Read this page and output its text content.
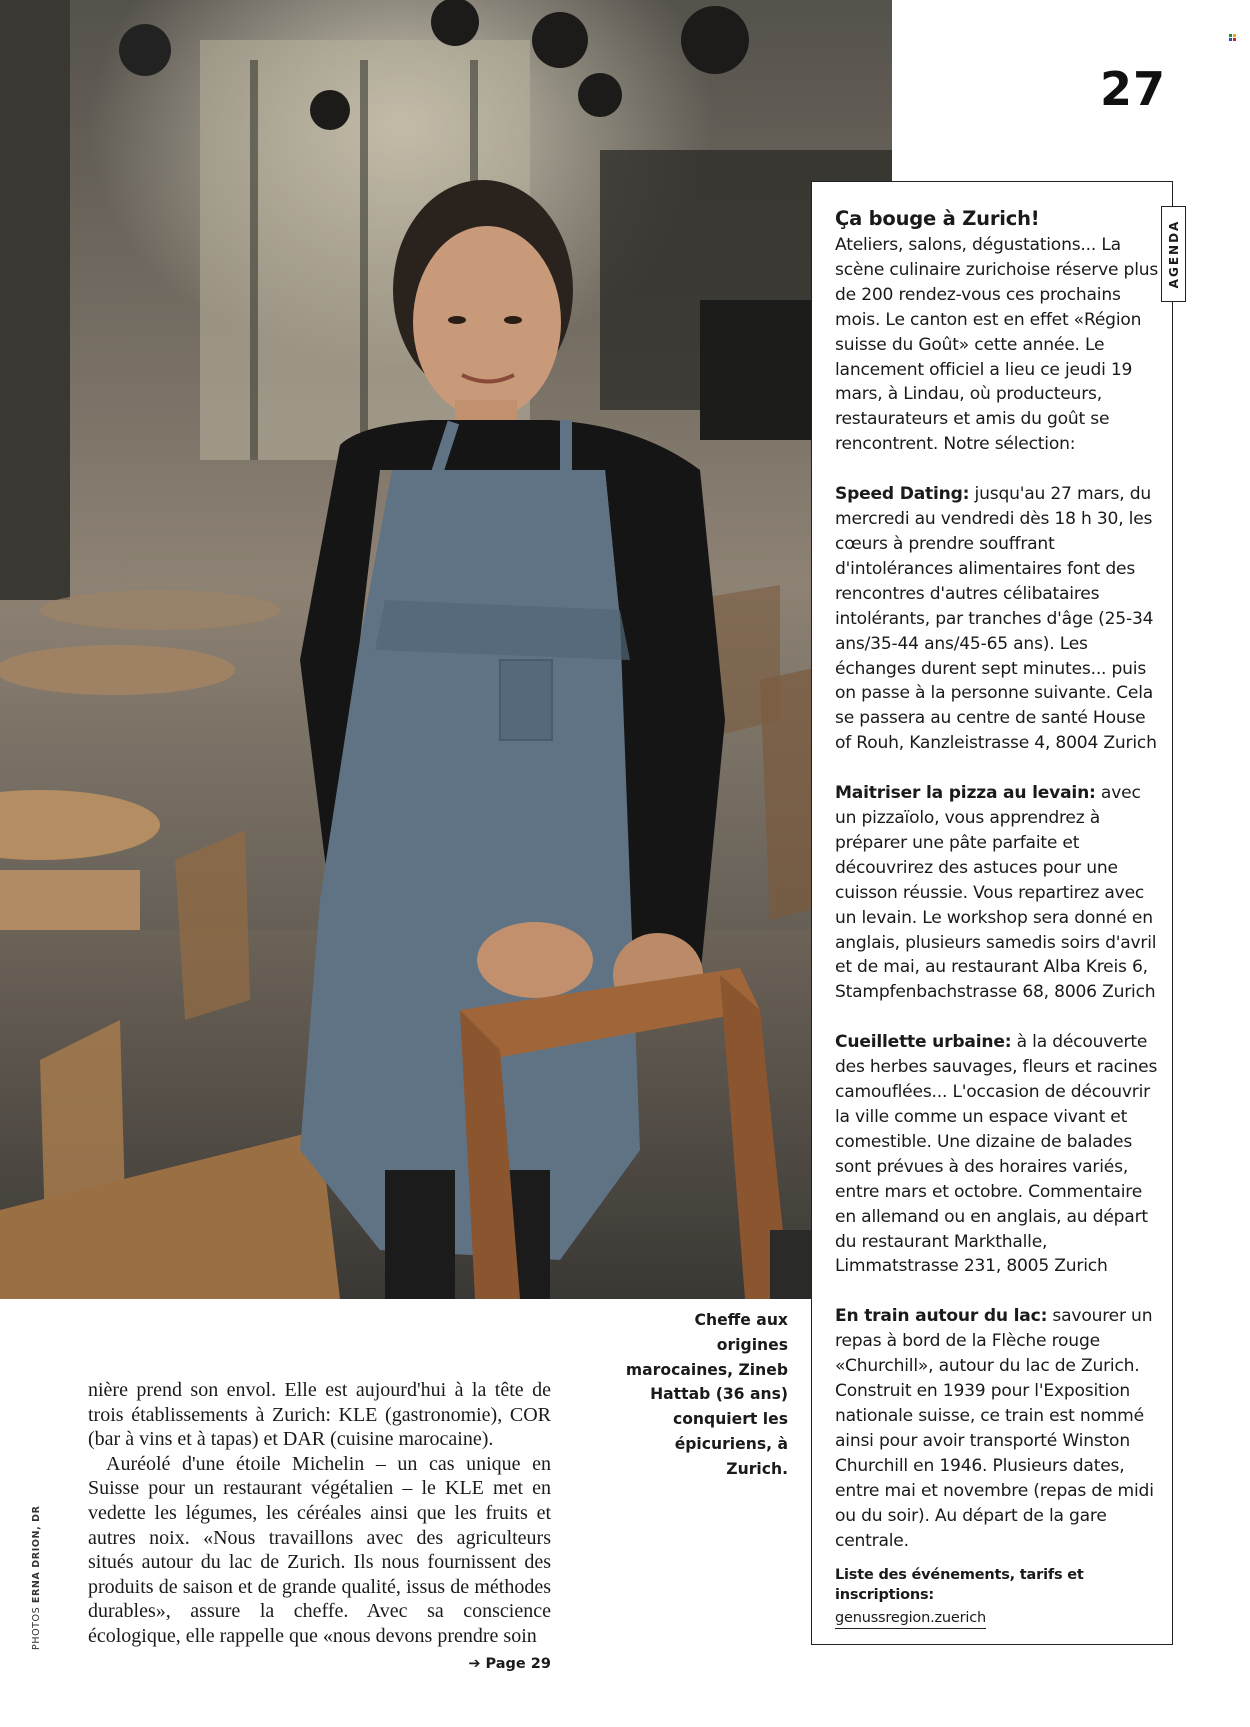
27
AGENDA
Ça bouge à Zurich!

Ateliers, salons, dégustations... La scène culinaire zurichoise réserve plus de 200 rendez-vous ces prochains mois. Le canton est en effet «Région suisse du Goût» cette année. Le lancement officiel a lieu ce jeudi 19 mars, à Lindau, où producteurs, restaurateurs et amis du goût se rencontrent. Notre sélection:

Speed Dating: jusqu'au 27 mars, du mercredi au vendredi dès 18 h 30, les cœurs à prendre souffrant d'intolérances alimentaires font des rencontres d'autres célibataires intolérants, par tranches d'âge (25-34 ans/35-44 ans/45-65 ans). Les échanges durent sept minutes... puis on passe à la personne suivante. Cela se passera au centre de santé House of Rouh, Kanzleistrasse 4, 8004 Zurich

Maitriser la pizza au levain: avec un pizzaïolo, vous apprendrez à préparer une pâte parfaite et découvrirez des astuces pour une cuisson réussie. Vous repartirez avec un levain. Le workshop sera donné en anglais, plusieurs samedis soirs d'avril et de mai, au restaurant Alba Kreis 6, Stampfenbachstrasse 68, 8006 Zurich

Cueillette urbaine: à la découverte des herbes sauvages, fleurs et racines camouflées... L'occasion de découvrir la ville comme un espace vivant et comestible. Une dizaine de balades sont prévues à des horaires variés, entre mars et octobre. Commentaire en allemand ou en anglais, au départ du restaurant Markthalle, Limmatstrasse 231, 8005 Zurich

En train autour du lac: savourer un repas à bord de la Flèche rouge «Churchill», autour du lac de Zurich. Construit en 1939 pour l'Exposition nationale suisse, ce train est nommé ainsi pour avoir transporté Winston Churchill en 1946. Plusieurs dates, entre mai et novembre (repas de midi ou du soir). Au départ de la gare centrale.

Liste des événements, tarifs et inscriptions:
genussregion.zuerich
Cheffe aux origines marocaines, Zineb Hattab (36 ans) conquiert les épicuriens, à Zurich.

nière prend son envol. Elle est aujourd'hui à la tête de trois établissements à Zurich: KLE (gastronomie), COR (bar à vins et à tapas) et DAR (cuisine marocaine).

Auréolé d'une étoile Michelin – un cas unique en Suisse pour un restaurant végétalien – le KLE met en vedette les légumes, les céréales ainsi que les fruits et autres noix. «Nous travaillons avec des agriculteurs situés autour du lac de Zurich. Ils nous fournissent des produits de saison et de grande qualité, issus de méthodes durables», assure la cheffe. Avec sa conscience écologique, elle rappelle que «nous devons prendre soin
➔ Page 29

PHOTOS ERNA DRION, DR
